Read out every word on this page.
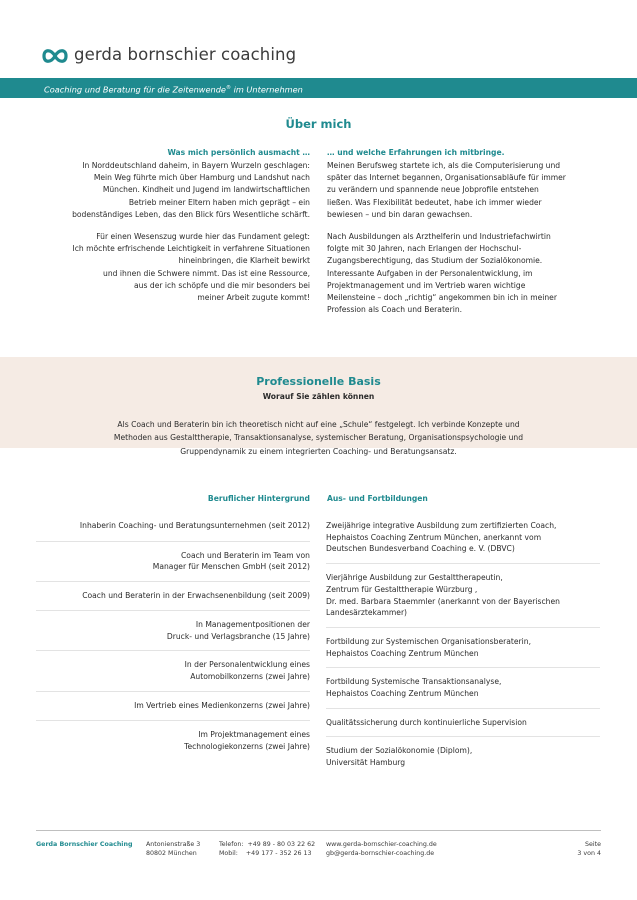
gerda bornschier coaching
Coaching und Beratung für die Zeitenwende® im Unternehmen
Über mich
Was mich persönlich ausmacht …

In Norddeutschland daheim, in Bayern Wurzeln geschlagen:
Mein Weg führte mich über Hamburg und Landshut nach
München. Kindheit und Jugend im landwirtschaftlichen
Betrieb meiner Eltern haben mich geprägt – ein
bodenständiges Leben, das den Blick fürs Wesentliche schärft.

Für einen Wesenszug wurde hier das Fundament gelegt:
Ich möchte erfrischende Leichtigkeit in verfahrene Situationen
hineinbringen, die Klarheit bewirkt
und ihnen die Schwere nimmt. Das ist eine Ressource,
aus der ich schöpfe und die mir besonders bei
meiner Arbeit zugute kommt!

… und welche Erfahrungen ich mitbringe.

Meinen Berufsweg startete ich, als die Computerisierung und
später das Internet begannen, Organisationsabläufe für immer
zu verändern und spannende neue Jobprofile entstehen
ließen. Was Flexibilität bedeutet, habe ich immer wieder
bewiesen – und bin daran gewachsen.

Nach Ausbildungen als Arzthelferin und Industriefachwirtin
folgte mit 30 Jahren, nach Erlangen der Hochschul-
Zugangsberechtigung, das Studium der Sozialökonomie.
Interessante Aufgaben in der Personalentwicklung, im
Projektmanagement und im Vertrieb waren wichtige
Meilensteine – doch „richtig“ angekommen bin ich in meiner
Profession als Coach und Beraterin.

Professionelle Basis
Worauf Sie zählen können
Als Coach und Beraterin bin ich theoretisch nicht auf eine „Schule“ festgelegt. Ich verbinde Konzepte und
Methoden aus Gestalttherapie, Transaktionsanalyse, systemischer Beratung, Organisationspsychologie und
Gruppendynamik zu einem integrierten Coaching- und Beratungsansatz.
Beruflicher Hintergrund Aus- und Fortbildungen
Inhaberin Coaching- und Beratungsunternehmen (seit 2012)
Coach und Beraterin im Team von
Manager für Menschen GmbH (seit 2012)
Coach und Beraterin in der Erwachsenenbildung (seit 2009)
In Managementpositionen der
Druck- und Verlagsbranche (15 Jahre)
In der Personalentwicklung eines
Automobilkonzerns (zwei Jahre)
Im Vertrieb eines Medienkonzerns (zwei Jahre)
Im Projektmanagement eines
Technologiekonzerns (zwei Jahre)
Zweijährige integrative Ausbildung zum zertifizierten Coach,
Hephaistos Coaching Zentrum München, anerkannt vom
Deutschen Bundesverband Coaching e. V. (DBVC)
Vierjährige Ausbildung zur Gestalttherapeutin,
Zentrum für Gestalttherapie Würzburg ,
Dr. med. Barbara Staemmler (anerkannt von der Bayerischen
Landesärztekammer)
Fortbildung zur Systemischen Organisationsberaterin,
Hephaistos Coaching Zentrum München
Fortbildung Systemische Transaktionsanalyse,
Hephaistos Coaching Zentrum München
Qualitätssicherung durch kontinuierliche Supervision
Studium der Sozialökonomie (Diplom),
Universität Hamburg
Gerda Bornschier Coaching Antonienstraße 3
80802 München
Telefon:  +49 89 - 80 03 22 62
Mobil:    +49 177 - 352 26 13
www.gerda-bornschier-coaching.de
gb@gerda-bornschier-coaching.de
Seite
3 von 4
